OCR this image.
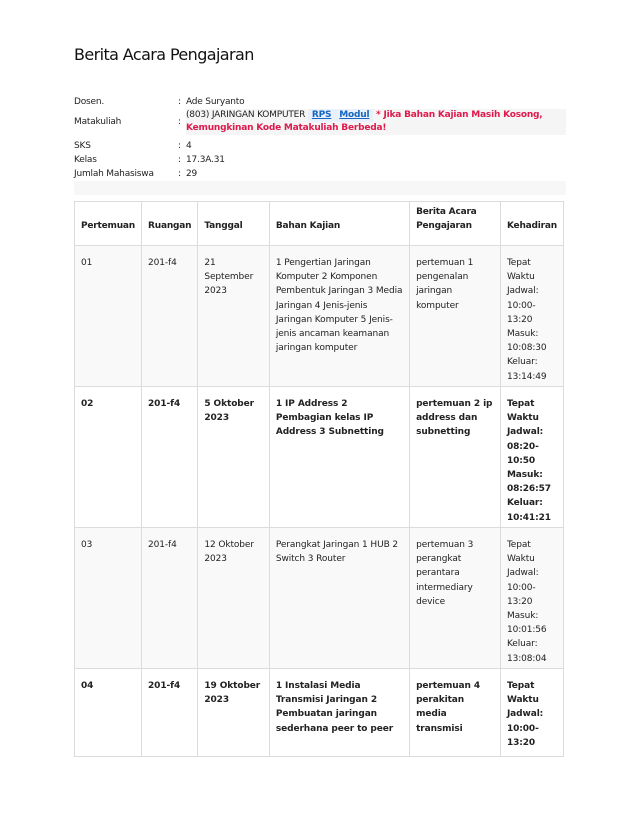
Berita Acara Pengajaran
Dosen.	: Ade Suryanto
Matakuliah	:
(803) JARINGAN KOMPUTER RPS Modul * Jika Bahan Kajian Masih Kosong, Kemungkinan Kode Matakuliah Berbeda!
SKS	: 4
Kelas	: 17.3A.31
Jumlah Mahasiswa	: 29
Pertemuan	Ruangan	Tanggal	Bahan Kajian	Berita Acara Pengajaran	Kehadiran
01	201-f4	21 September 2023	1 Pengertian Jaringan Komputer 2 Komponen Pembentuk Jaringan 3 Media Jaringan 4 Jenis-jenis Jaringan Komputer 5 Jenis-jenis ancaman keamanan jaringan komputer	pertemuan 1 pengenalan jaringan komputer	Tepat Waktu Jadwal: 10:00-13:20 Masuk: 10:08:30 Keluar: 13:14:49
02	201-f4	5 Oktober 2023	1 IP Address 2 Pembagian kelas IP Address 3 Subnetting	pertemuan 2 ip address dan subnetting	Tepat Waktu Jadwal: 08:20-10:50 Masuk: 08:26:57 Keluar: 10:41:21
03	201-f4	12 Oktober 2023	Perangkat Jaringan 1 HUB 2 Switch 3 Router	pertemuan 3 perangkat perantara intermediary device	Tepat Waktu Jadwal: 10:00-13:20 Masuk: 10:01:56 Keluar: 13:08:04
04	201-f4	19 Oktober 2023	1 Instalasi Media Transmisi Jaringan 2 Pembuatan jaringan sederhana peer to peer	pertemuan 4 perakitan media transmisi	Tepat Waktu Jadwal: 10:00-13:20
